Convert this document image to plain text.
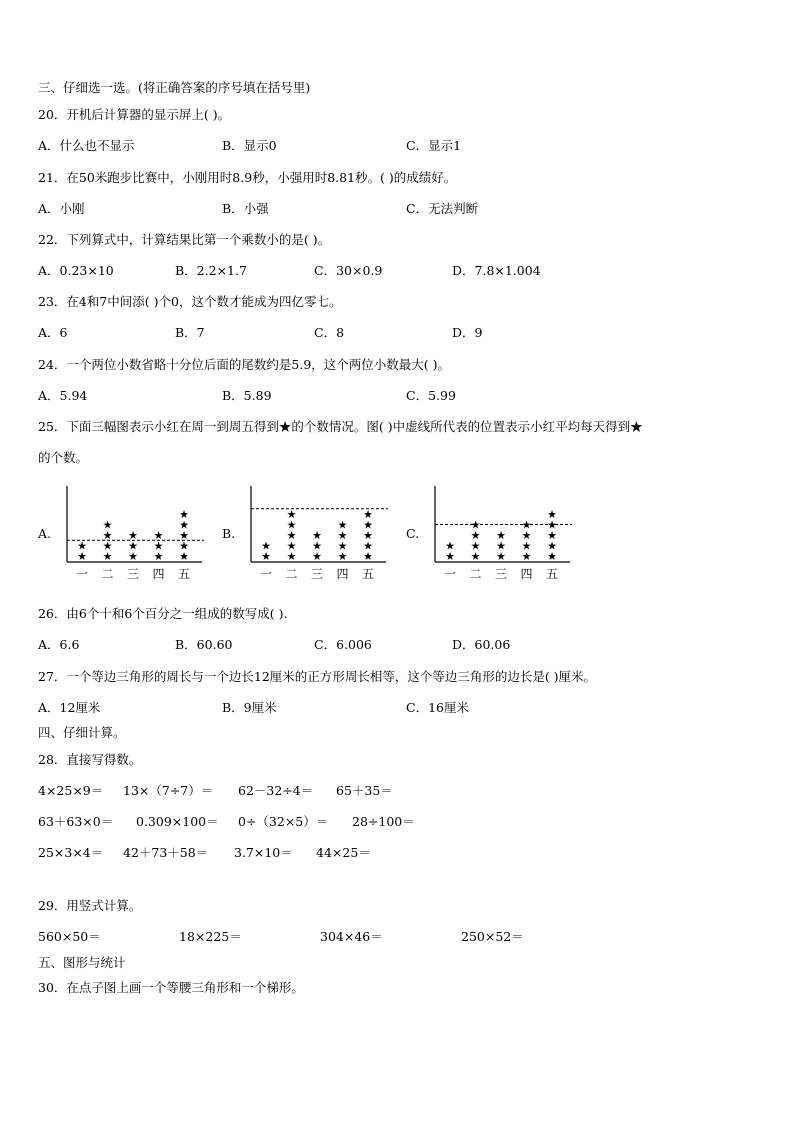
三、仔细选一选。(将正确答案的序号填在括号里)
20．开机后计算器的显示屏上( )。
A．什么也不显示	B．显示0	C．显示1
21．在50米跑步比赛中，小刚用时8.9秒，小强用时8.81秒。( )的成绩好。
A．小刚	B．小强	C．无法判断
22．下列算式中，计算结果比第一个乘数小的是( )。
A．0.23×10	B．2.2×1.7	C．30×0.9	D．7.8×1.004
23．在4和7中间添( )个0，这个数才能成为四亿零七。
A．6	B．7	C．8	D．9
24．一个两位小数省略十分位后面的尾数约是5.9，这个两位小数最大( )。
A．5.94	B．5.89	C．5.99
25．下面三幅图表示小红在周一到周五得到★的个数情况。图( )中虚线所代表的位置表示小红平均每天得到★
的个数。
A.	B.	C.
★
★
一
★
★
★
★
二
★
★
★
三
★
★
★
四
★
★
★
★
★
五
★
★
一
★
★
★
★
★
二
★
★
★
三
★
★
★
★
四
★
★
★
★
★
五
★
★
一
★
★
★
★
二
★
★
★
三
★
★
★
★
四
★
★
★
★
★
五
26．由6个十和6个百分之一组成的数写成( ).
A．6.6	B．60.60	C．6.006	D．60.06
27．一个等边三角形的周长与一个边长12厘米的正方形周长相等，这个等边三角形的边长是( )厘米。
A．12厘米	B．9厘米	C．16厘米
四、仔细计算。
28．直接写得数。
4×25×9＝ 13×（7÷7）＝ 62－32÷4＝ 65＋35＝
63＋63×0＝ 0.309×100＝ 0÷（32×5）＝ 28÷100＝
25×3×4＝ 42＋73＋58＝ 3.7×10＝ 44×25＝
29．用竖式计算。
560×50＝	18×225＝	304×46＝	250×52＝
五、图形与统计
30．在点子图上画一个等腰三角形和一个梯形。
